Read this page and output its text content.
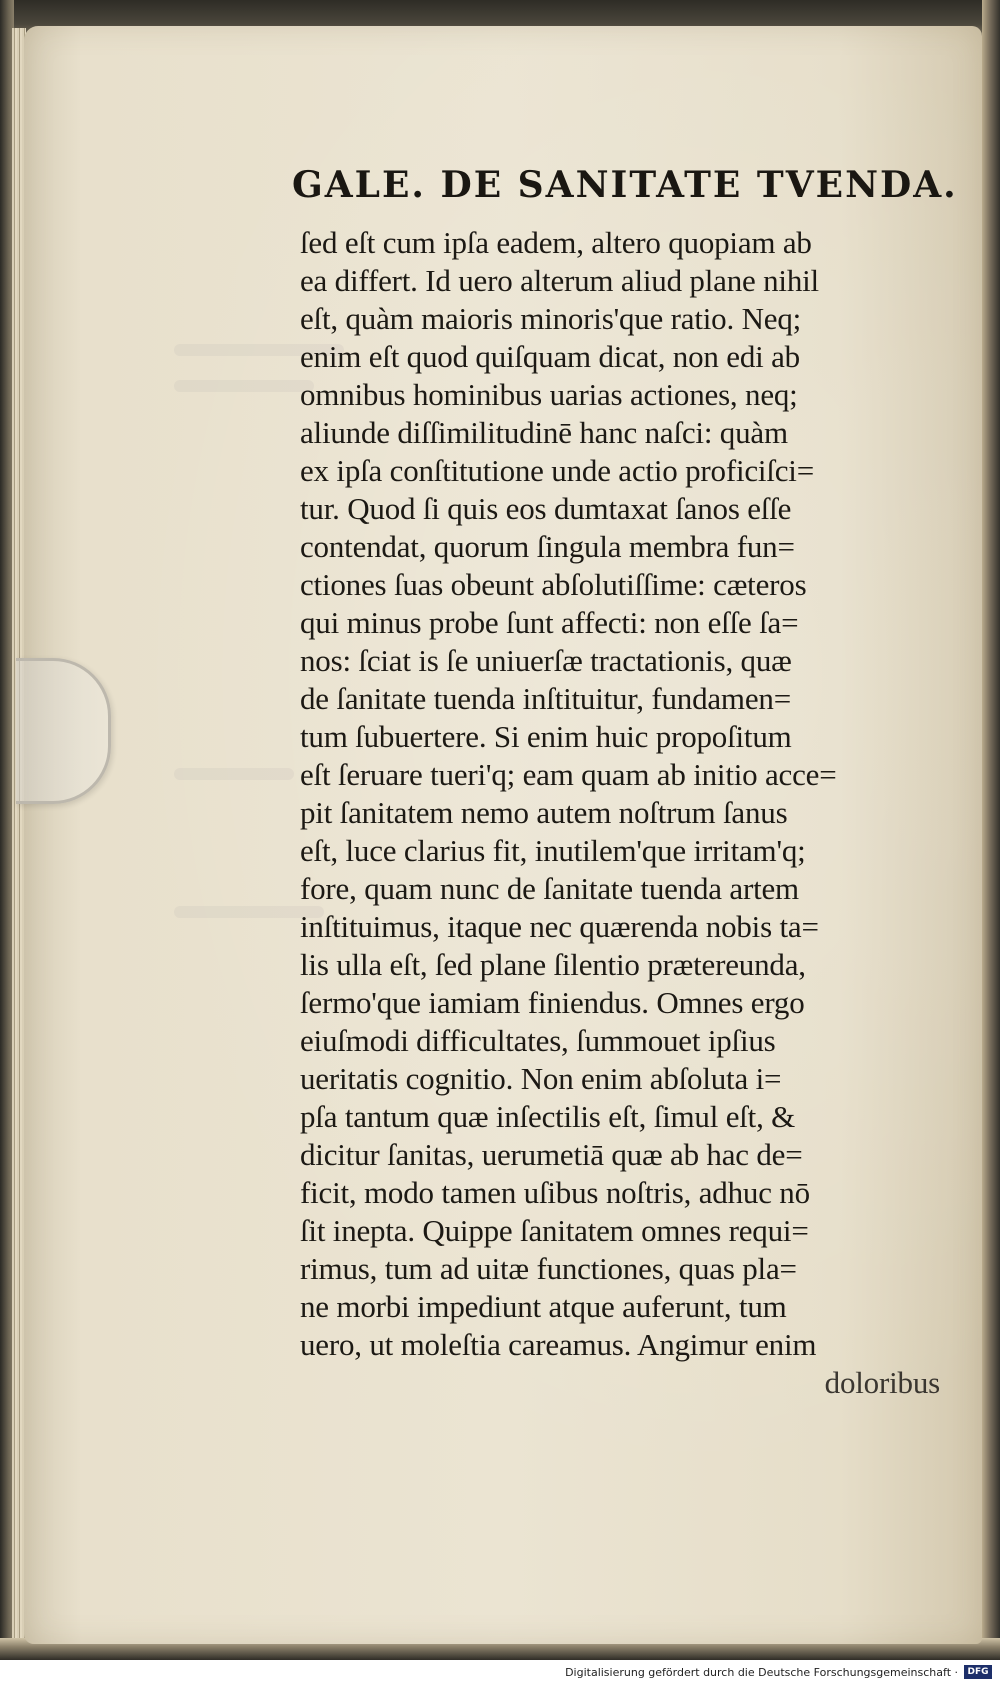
GALE. DE SANITATE TVENDA.
ſed eſt cum ipſa eadem, altero quopiam ab
ea differt. Id uero alterum aliud plane nihil
eſt, quàm maioris minoris'que ratio. Neq;
enim eſt quod quiſquam dicat, non edi ab
omnibus hominibus uarias actiones, neq;
aliunde diſſimilitudinē hanc naſci: quàm
ex ipſa conſtitutione unde actio proficiſci=
tur. Quod ſi quis eos dumtaxat ſanos eſſe
contendat, quorum ſingula membra fun=
ctiones ſuas obeunt abſolutiſſime: cæteros
qui minus probe ſunt affecti: non eſſe ſa=
nos: ſciat is ſe uniuerſæ tractationis, quæ
de ſanitate tuenda inſtituitur, fundamen=
tum ſubuertere. Si enim huic propoſitum
eſt ſeruare tueri'q; eam quam ab initio acce=
pit ſanitatem nemo autem noſtrum ſanus
eſt, luce clarius fit, inutilem'que irritam'q;
fore, quam nunc de ſanitate tuenda artem
inſtituimus, itaque nec quærenda nobis ta=
lis ulla eſt, ſed plane ſilentio prætereunda,
ſermo'que iamiam finiendus. Omnes ergo
eiuſmodi difficultates, ſummouet ipſius
ueritatis cognitio. Non enim abſoluta i=
pſa tantum quæ inſectilis eſt, ſimul eſt, &
dicitur ſanitas, uerumetiā quæ ab hac de=
ficit, modo tamen uſibus noſtris, adhuc nō
ſit inepta. Quippe ſanitatem omnes requi=
rimus, tum ad uitæ functiones, quas pla=
ne morbi impediunt atque auferunt, tum
uero, ut moleſtia careamus. Angimur enim
doloribus
Digitalisierung gefördert durch die Deutsche Forschungsgemeinschaft ·	DFG
